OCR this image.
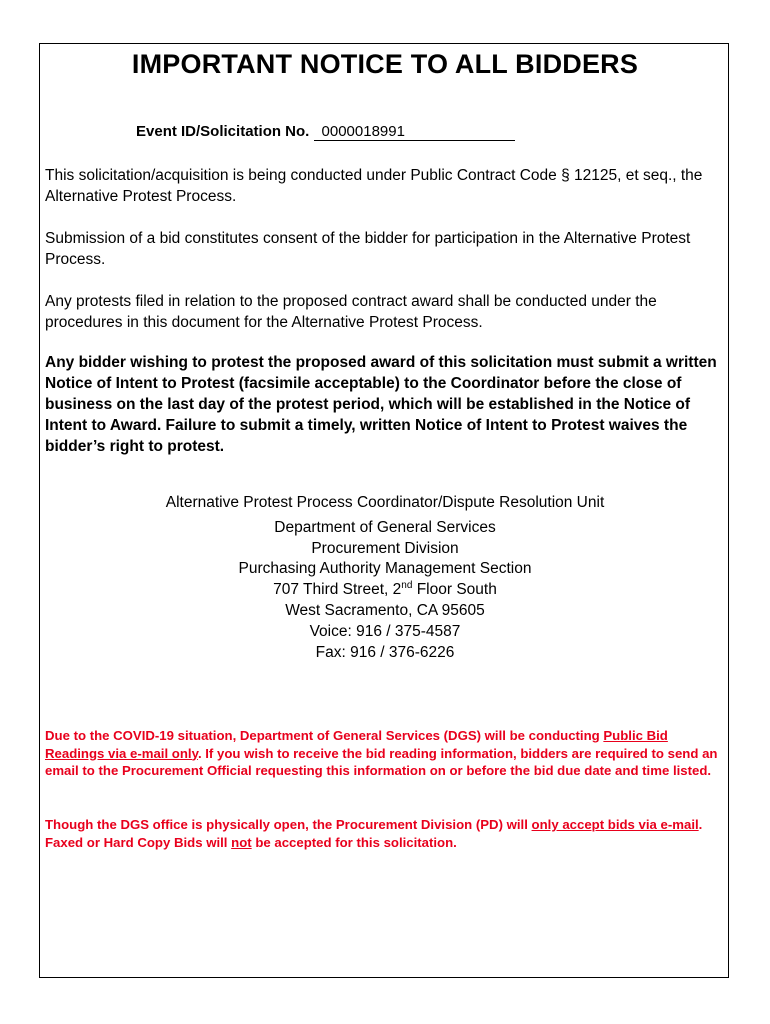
IMPORTANT NOTICE TO ALL BIDDERS
Event ID/Solicitation No. 0000018991

This solicitation/acquisition is being conducted under Public Contract Code § 12125, et seq., the Alternative Protest Process.

Submission of a bid constitutes consent of the bidder for participation in the Alternative Protest Process.

Any protests filed in relation to the proposed contract award shall be conducted under the procedures in this document for the Alternative Protest Process.

Any bidder wishing to protest the proposed award of this solicitation must submit a written Notice of Intent to Protest (facsimile acceptable) to the Coordinator before the close of business on the last day of the protest period, which will be established in the Notice of Intent to Award. Failure to submit a timely, written Notice of Intent to Protest waives the bidder’s right to protest.

Alternative Protest Process Coordinator/Dispute Resolution Unit
Department of General Services
Procurement Division
Purchasing Authority Management Section
707 Third Street, 2nd Floor South
West Sacramento, CA 95605
Voice: 916 / 375-4587
Fax: 916 / 376-6226

Due to the COVID-19 situation, Department of General Services (DGS) will be conducting Public Bid Readings via e-mail only. If you wish to receive the bid reading information, bidders are required to send an email to the Procurement Official requesting this information on or before the bid due date and time listed.

Though the DGS office is physically open, the Procurement Division (PD) will only accept bids via e-mail. Faxed or Hard Copy Bids will not be accepted for this solicitation.
